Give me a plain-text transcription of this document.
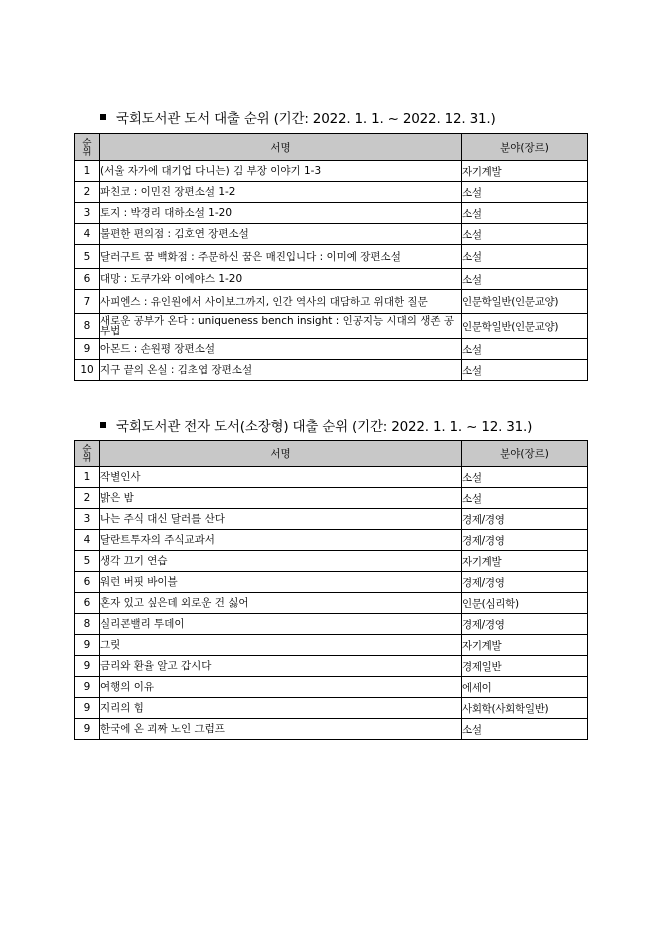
국회도서관 도서 대출 순위 (기간: 2022. 1. 1. ~ 2022. 12. 31.)
순
위	서명	분야(장르)
1	(서울 자가에 대기업 다니는) 김 부장 이야기 1-3	자기계발
2	파친코 : 이민진 장편소설 1-2	소설
3	토지 : 박경리 대하소설 1-20	소설
4	불편한 편의점 : 김호연 장편소설	소설
5	달러구트 꿈 백화점 : 주문하신 꿈은 매진입니다 : 이미예 장편소설	소설
6	대망 : 도쿠가와 이에야스 1-20	소설
7	사피엔스 : 유인원에서 사이보그까지, 인간 역사의 대담하고 위대한 질문	인문학일반(인문교양)
8	새로운 공부가 온다 : uniqueness bench insight : 인공지능 시대의 생존 공부법	인문학일반(인문교양)
9	아몬드 : 손원평 장편소설	소설
10	지구 끝의 온실 : 김초엽 장편소설	소설
국회도서관 전자 도서(소장형) 대출 순위 (기간: 2022. 1. 1. ~ 12. 31.)
순
위	서명	분야(장르)
1	작별인사	소설
2	밝은 밤	소설
3	나는 주식 대신 달러를 산다	경제/경영
4	달란트투자의 주식교과서	경제/경영
5	생각 끄기 연습	자기계발
6	워런 버핏 바이블	경제/경영
6	혼자 있고 싶은데 외로운 건 싫어	인문(심리학)
8	실리콘밸리 투데이	경제/경영
9	그릿	자기계발
9	금리와 환율 알고 갑시다	경제일반
9	여행의 이유	에세이
9	지리의 힘	사회학(사회학일반)
9	한국에 온 괴짜 노인 그럼프	소설
